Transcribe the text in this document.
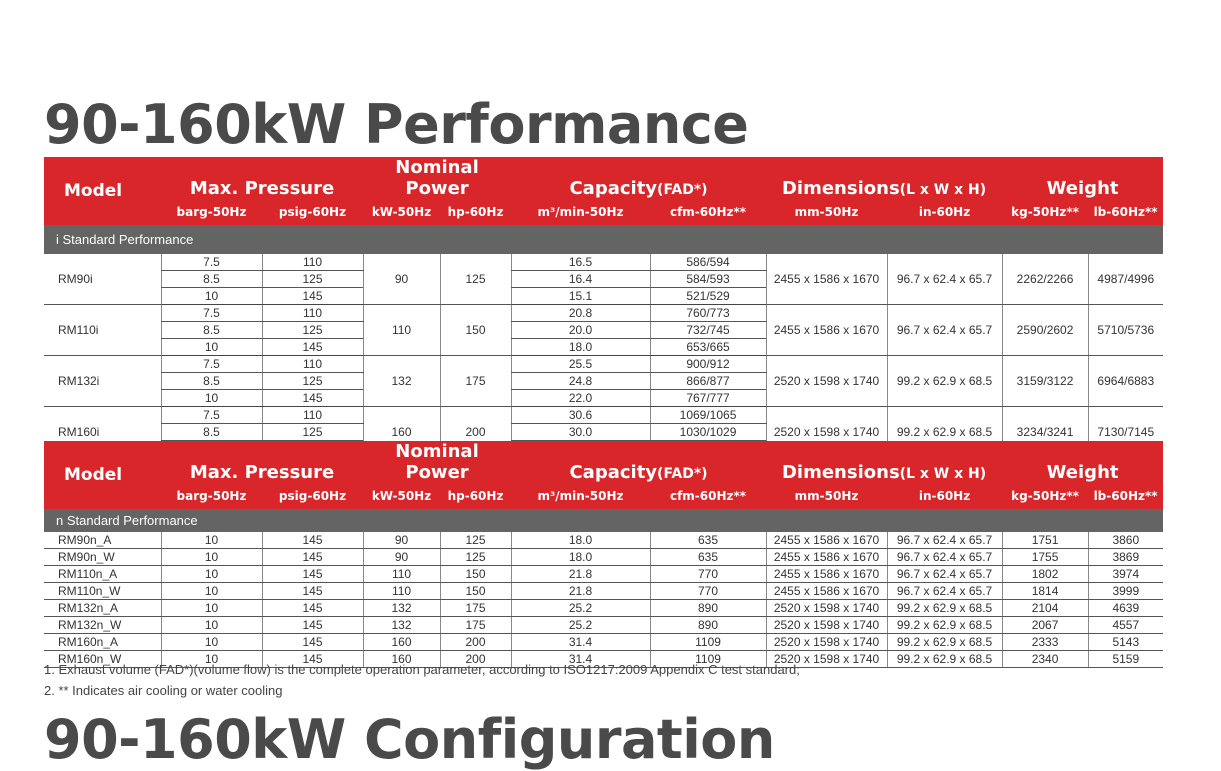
90-160kW Performance
Model	Max. Pressure		Nominal Power		Capacity(FAD*)		Dimensions(L x W x H)		Weight	
	barg-50Hz	psig-60Hz	kW-50Hz	hp-60Hz	m³/min-50Hz	cfm-60Hz**	mm-50Hz	in-60Hz	kg-50Hz**	lb-60Hz**
i Standard Performance										
RM90i	7.5	110	90	125	16.5	586/594	2455 x 1586 x 1670	96.7 x 62.4 x 65.7	2262/2266	4987/4996
	8.5	125			16.4	584/593				
	10	145			15.1	521/529				
RM110i	7.5	110	110	150	20.8	760/773	2455 x 1586 x 1670	96.7 x 62.4 x 65.7	2590/2602	5710/5736
	8.5	125			20.0	732/745				
	10	145			18.0	653/665				
RM132i	7.5	110	132	175	25.5	900/912	2520 x 1598 x 1740	99.2 x 62.9 x 68.5	3159/3122	6964/6883
	8.5	125			24.8	866/877				
	10	145			22.0	767/777				
RM160i	7.5	110	160	200	30.6	1069/1065	2520 x 1598 x 1740	99.2 x 62.9 x 68.5	3234/3241	7130/7145
	8.5	125			30.0	1030/1029				

Model	Max. Pressure		Nominal Power		Capacity(FAD*)		Dimensions(L x W x H)		Weight	
	barg-50Hz	psig-60Hz	kW-50Hz	hp-60Hz	m³/min-50Hz	cfm-60Hz**	mm-50Hz	in-60Hz	kg-50Hz**	lb-60Hz**
n Standard Performance										
RM90n_A	10	145	90	125	18.0	635	2455 x 1586 x 1670	96.7 x 62.4 x 65.7	1751	3860
RM90n_W	10	145	90	125	18.0	635	2455 x 1586 x 1670	96.7 x 62.4 x 65.7	1755	3869
RM110n_A	10	145	110	150	21.8	770	2455 x 1586 x 1670	96.7 x 62.4 x 65.7	1802	3974
RM110n_W	10	145	110	150	21.8	770	2455 x 1586 x 1670	96.7 x 62.4 x 65.7	1814	3999
RM132n_A	10	145	132	175	25.2	890	2520 x 1598 x 1740	99.2 x 62.9 x 68.5	2104	4639
RM132n_W	10	145	132	175	25.2	890	2520 x 1598 x 1740	99.2 x 62.9 x 68.5	2067	4557
RM160n_A	10	145	160	200	31.4	1109	2520 x 1598 x 1740	99.2 x 62.9 x 68.5	2333	5143
RM160n_W	10	145	160	200	31.4	1109	2520 x 1598 x 1740	99.2 x 62.9 x 68.5	2340	5159
1. Exhaust volume (FAD*)(volume flow) is the complete operation parameter, according to ISO1217:2009 Appendix C test standard;
2. ** Indicates air cooling or water cooling
90-160kW Configuration
